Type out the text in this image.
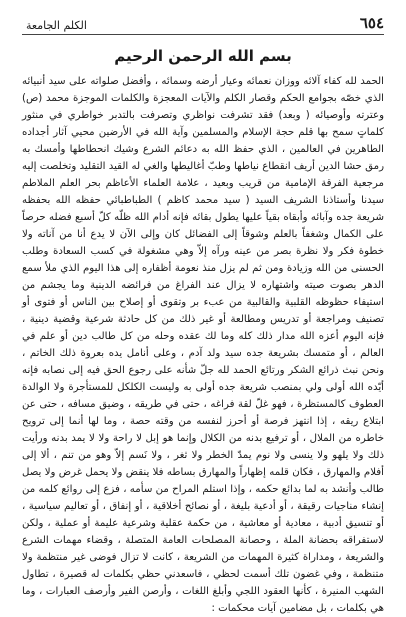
٦٥٤
الكلم الجامعة
بسم الله الرحمن الرحيم

الحمد لله كفاء آلائه ووزان نعمائه وعيار أرضه وسمائه ، وأفضل صلواته على سيد أنبيائه الذي خصّه بجوامع الحكم وقصار الكلم والآيات المعجزة والكلمات الموجزة محمد (ص) وعترته وأوصيائه ( وبعد) فقد تشرفت نواظري وتصرفت بالتدبر خواطري في منثور كلماتٍ سمح بها قلم حجة الإسلام والمسلمين وآية الله في الأرضين محيي آثار أجداده الطاهرين في العالمين ، الذي حفظ الله به دعائم الشرع وشيك انحطاطها وأمسك به رمق حشا الدين أريف انقطاع نياطها وطبّ أغاليطها والغي له القيد التقليد وتخلصت إليه مرجعية الفرقة الإمامية من قريب وبعيد ، علامة العلماء الأعاظم بحر العلم الملاطم سيدنا وأستاذنا الشريف السيد ( سيد محمد كاظم ) الطباطبائي حفظه الله بحفظه شريعة جده وآبائه وأبقاه بقياً عليها يطول بقائه فإنه أدام الله ظلّه كلّ أسبع فضله حرصاً على الكمال وشغفاً بالعلم وشوقاً إلى الفضائل كان وإلى الآن لا يدع أنا من آناته ولا خطوة فكر ولا نظرة بصر من عينه ورآه إلاّ وهي مشغولة في كسب السعادة وطلب الحسنى من الله وزيادة ومن ثم لم يزل منذ نعومة أظفاره إلى هذا اليوم الذي ملأ سمع الدهر بصوت صيته واشتهاره لا يزال عند الفراغ من فرائضه الدينية وما يجشم من استيفاء حظوظه القلبية والقالبية من عبء بر وتقوى أو إصلاح بين الناس أو فتوى أو تصنيف ومراجعة أو تدريس ومطالعة أو غير ذلك من كل حادثة شرعية وقضية دينية ، فإنه اليوم أعزه الله مدار ذلك كله وما لك عقده وحله من كل طالب دين أو علم في العالم ، أو متمسك بشريعة جده سيد ولد آدم ، وعلى أنامل يده بعروة ذلك الخاتم ، ونحن نبث ذرائع الشكر ورتائع الحمد لله جلّ شأنه على رجوع الحق فيه إلى نصابه فإنه أيّده الله أولى ولي بمنصب شريعة جده أولى به وليست الكلكل للمستأجرة ولا الوالدة العطوف كالمستظرة ، فهو غلّ لقة فراغه ، حتى في طريقه ، وضيق مسافه ، حتى عن ابتلاع ريقه ، إذا انتهز فرصة أو أحرز لنفسه من وقته حصة ، وما لها أنما إلى ترويح خاطره من الملال ، أو ترفيع بدنه من الكلال وإنما هو إبل لا راحة ولا لا يمد بدنه ورأيت ذلك ولا يلهو ولا ينسى ولا نوم يمدّ الخطر ولا ثغر ، ولا نَسم إلاّ وهو من تنم ، ألا إلى أفلام والمهارق ، فكان قلمه إظهاراً والمهارق بساطه فلا ينقض ولا يحمل غرض ولا يصل طالب وأنشد به لما بدائع حكمه ، وإذا استلم المراح من سأمه ، فزع إلى روائع كلمه من إنشاء مناجيات رقيقة ، أو أدعية بليغة ، أو نصائح أخلاقية ، أو إنفاق ، أو تعاليم سياسية ، أو تنسيق أدبية ، معادية أو معاشية ، من حكمة عقلية وشرعية عليمة أو عملية ، ولكن لاستفراقه بحضانة الملة ، وحصانة المصلحات العامة المتصلة ، وقضاء مهمات الشرع والشريعة ، ومداراة كثيرة المهمات من الشريعة ، كانت لا تزال فوضى غير منتظمة ولا متنظمة ، وفي غضون تلك أسمت لحظي ، فاسعدني حظي بكلمات له قصيرة ، تطاول الشهب المنيرة ، كأنها العقود اللجي وأبلغ اللغات ، وأرصن الفير وأرصف العبارات ، وما هي بكلمات ، بل مضامين آيات محكمات :
